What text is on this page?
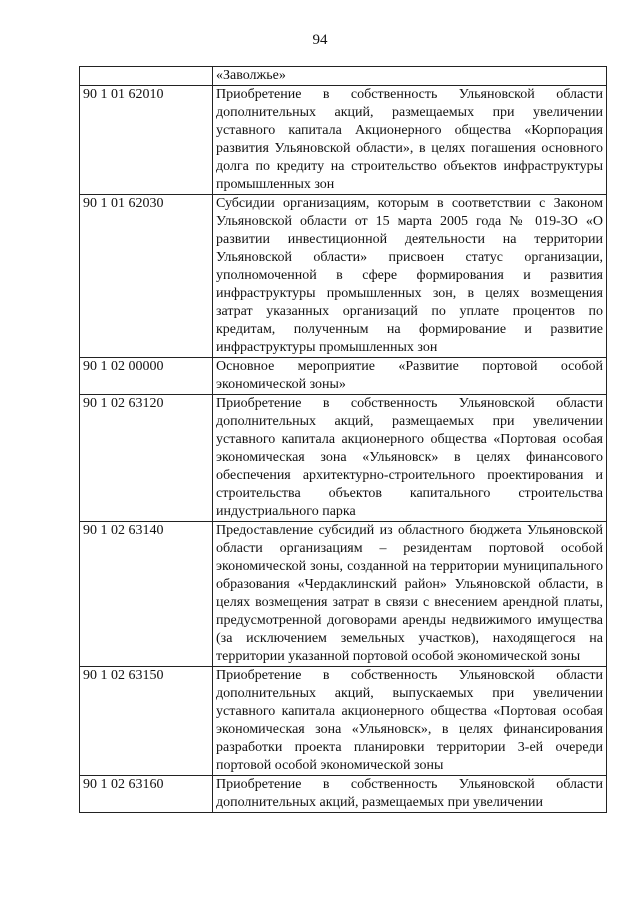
94
	«Заволжье»
90 1 01 62010	Приобретение в собственность Ульяновской области дополнительных акций, размещаемых при увеличении уставного капитала Акционерного общества «Корпорация развития Ульяновской области», в целях погашения основного долга по кредиту на строительство объектов инфраструктуры промышленных зон
90 1 01 62030	Субсидии организациям, которым в соответствии с Законом Ульяновской области от 15 марта 2005 года № 019-ЗО «О развитии инвестиционной деятельности на территории Ульяновской области» присвоен статус организации, уполномоченной в сфере формирования и развития инфраструктуры промышленных зон, в целях возмещения затрат указанных организаций по уплате процентов по кредитам, полученным на формирование и развитие инфраструктуры промышленных зон
90 1 02 00000	Основное мероприятие «Развитие портовой особой экономической зоны»
90 1 02 63120	Приобретение в собственность Ульяновской области дополнительных акций, размещаемых при увеличении уставного капитала акционерного общества «Портовая особая экономическая зона «Ульяновск» в целях финансового обеспечения архитектурно-строительного проектирования и строительства объектов капитального строительства индустриального парка
90 1 02 63140	Предоставление субсидий из областного бюджета Ульяновской области организациям – резидентам портовой особой экономической зоны, созданной на территории муниципального образования «Чердаклинский район» Ульяновской области, в целях возмещения затрат в связи с внесением арендной платы, предусмотренной договорами аренды недвижимого имущества (за исключением земельных участков), находящегося на территории указанной портовой особой экономической зоны
90 1 02 63150	Приобретение в собственность Ульяновской области дополнительных акций, выпускаемых при увеличении уставного капитала акционерного общества «Портовая особая экономическая зона «Ульяновск», в целях финансирования разработки проекта планировки территории 3-ей очереди портовой особой экономической зоны
90 1 02 63160	Приобретение в собственность Ульяновской области дополнительных акций, размещаемых при увеличении
